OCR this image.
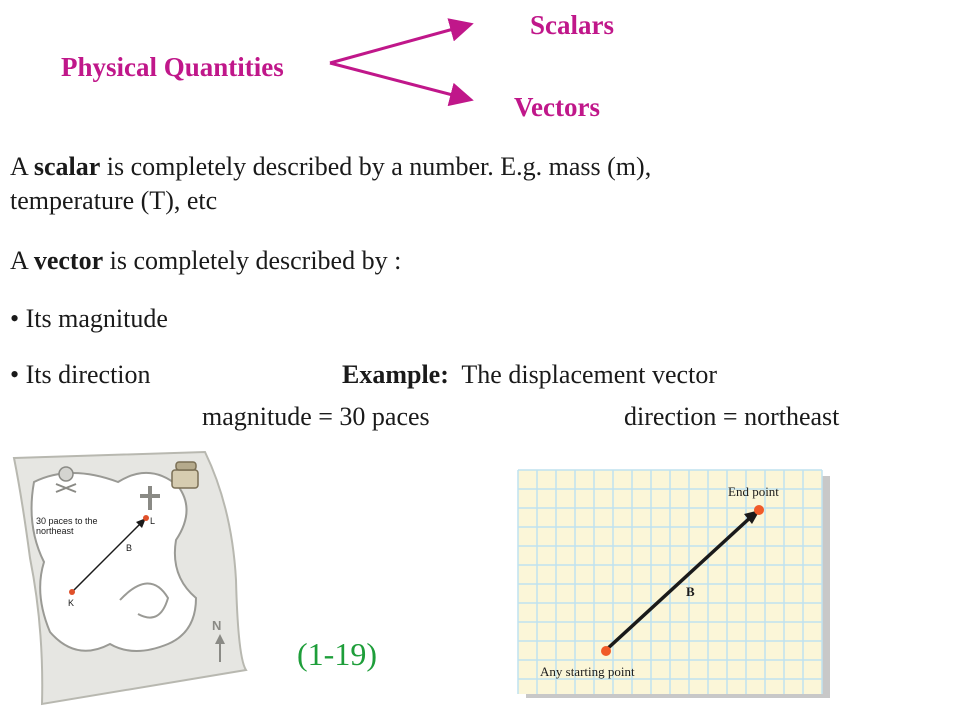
Physical Quantities
Scalars
Vectors
A scalar is completely described by a number. E.g. mass (m),
temperature (T), etc
A vector is completely described by :
• Its magnitude
• Its direction	Example: The displacement vector
magnitude = 30 paces	direction = northeast
30 paces to the
northeast
K
L
B
N
(1-19)
End point
Any starting point
B
